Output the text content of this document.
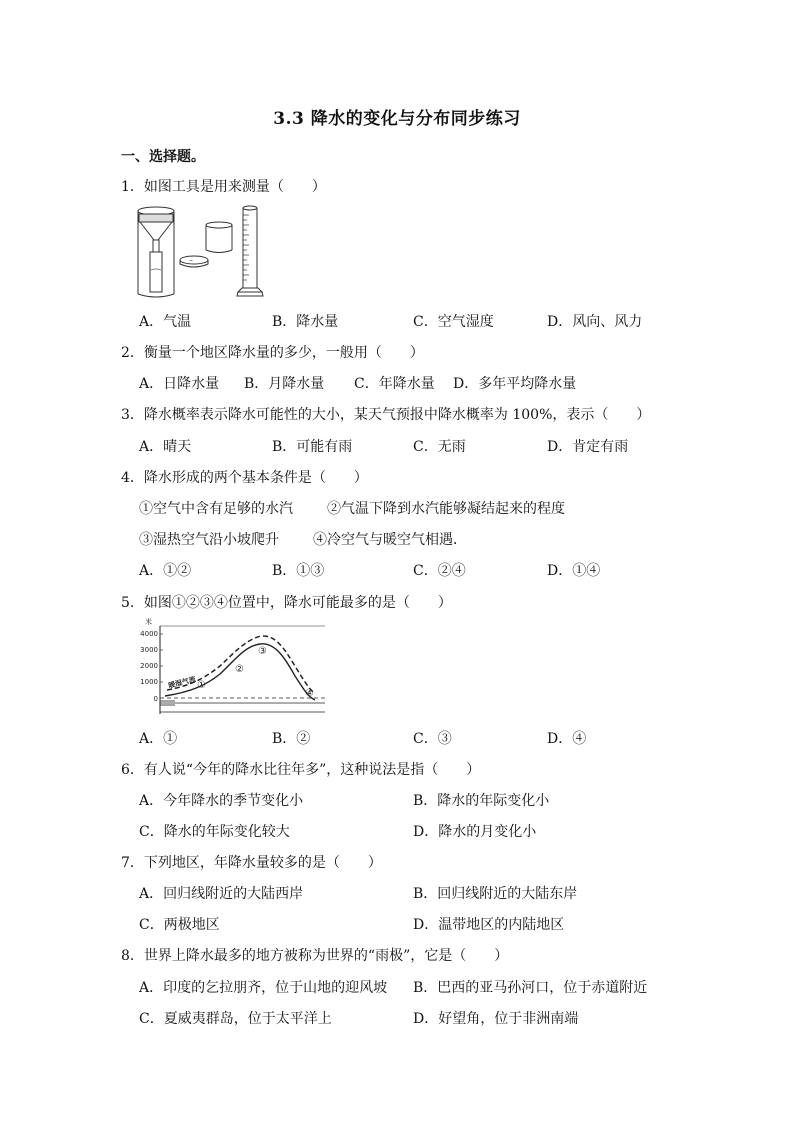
3.3 降水的变化与分布同步练习
一、选择题。
1．如图工具是用来测量（　　）
~
A．气温	B．降水量	C．空气湿度	D．风向、风力
2．衡量一个地区降水量的多少，一般用（　　）
A．日降水量 B．月降水量 C．年降水量 D．多年平均降水量
3．降水概率表示降水可能性的大小，某天气预报中降水概率为 100%，表示（　　）
A．晴天	B．可能有雨	C．无雨	D．肯定有雨
4．降水形成的两个基本条件是（　　）
①空气中含有足够的水汽 ②气温下降到水汽能够凝结起来的程度
③湿热空气沿小坡爬升 ④冷空气与暖空气相遇．
A．①②	B．①③	C．②④	D．①④
5．如图①②③④位置中，降水可能最多的是（　　）
米
4000
3000
2000
1000
0
暖湿气流 ①
②
③
④
A．①	B．②	C．③	D．④
6．有人说“今年的降水比往年多”，这种说法是指（　　）
A．今年降水的季节变化小	B．降水的年际变化小
C．降水的年际变化较大	D．降水的月变化小
7．下列地区，年降水量较多的是（　　）
A．回归线附近的大陆西岸	B．回归线附近的大陆东岸
C．两极地区	D．温带地区的内陆地区
8．世界上降水最多的地方被称为世界的“雨极”，它是（　　）
A．印度的乞拉朋齐，位于山地的迎风坡 B．巴西的亚马孙河口，位于赤道附近
C．夏威夷群岛，位于太平洋上	D．好望角，位于非洲南端
